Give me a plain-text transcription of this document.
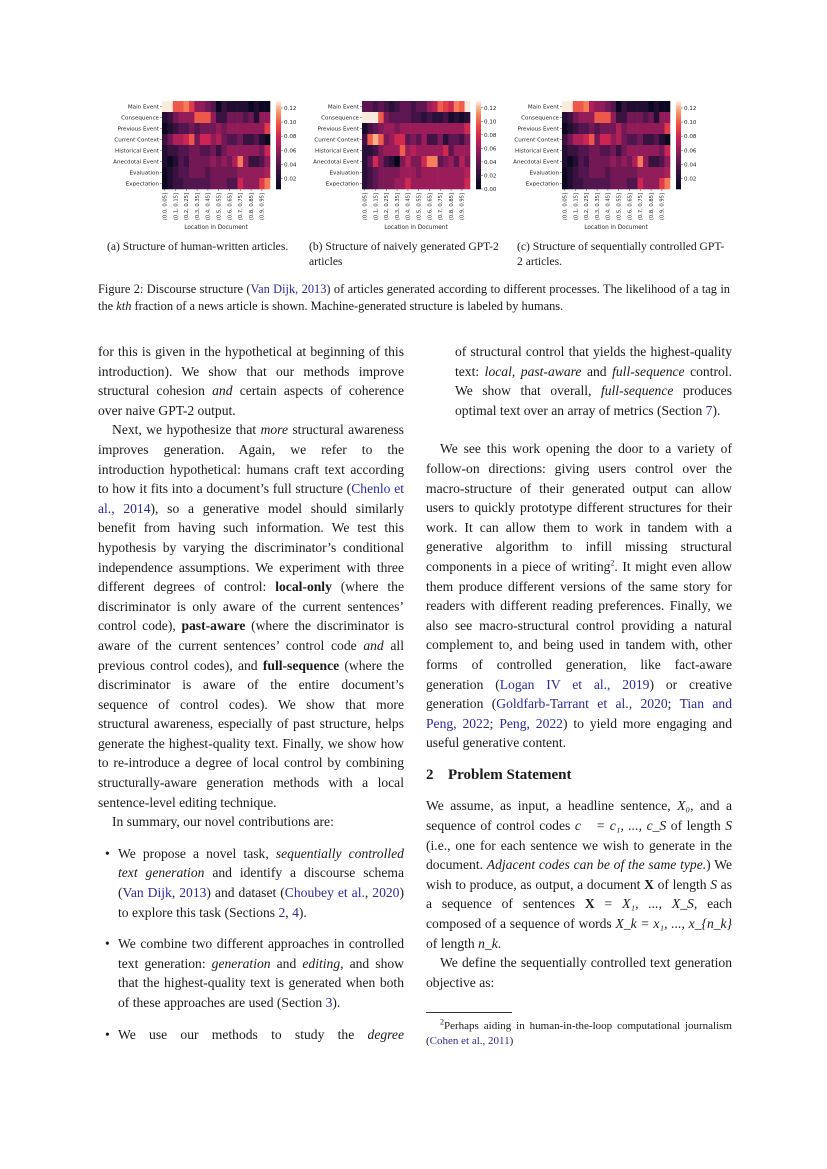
Main Event
Consequence
Previous Event
Current Context
Historical Event
Anecdotal Event
Evaluation
Expectation
(0.0, 0.05] (0.1, 0.15] (0.2, 0.25] (0.3, 0.35] (0.4, 0.45] (0.5, 0.55] (0.6, 0.65] (0.7, 0.75] (0.8, 0.85] (0.9, 0.95]
Location in Document
0.12
0.10
0.08
0.06
0.04
0.02
Main Event
Consequence
Previous Event
Current Context
Historical Event
Anecdotal Event
Evaluation
Expectation
(0.0, 0.05] (0.1, 0.15] (0.2, 0.25] (0.3, 0.35] (0.4, 0.45] (0.5, 0.55] (0.6, 0.65] (0.7, 0.75] (0.8, 0.85] (0.9, 0.95]
Location in Document
0.12
0.10
0.08
0.06
0.04
0.02
0.00
Main Event
Consequence
Previous Event
Current Context
Historical Event
Anecdotal Event
Evaluation
Expectation
(0.0, 0.05] (0.1, 0.15] (0.2, 0.25] (0.3, 0.35] (0.4, 0.45] (0.5, 0.55] (0.6, 0.65] (0.7, 0.75] (0.8, 0.85] (0.9, 0.95]
Location in Document
0.12
0.10
0.08
0.06
0.04
0.02
(a) Structure of human-written articles.	(b) Structure of naively generated GPT-2 articles
(c) Structure of sequentially controlled GPT-2 articles.
Figure 2: Discourse structure (Van Dijk, 2013) of articles generated according to different processes. The likelihood of a tag in the kth fraction of a news article is shown. Machine-generated structure is labeled by humans.

for this is given in the hypothetical at beginning of this introduction). We show that our methods improve structural cohesion and certain aspects of coherence over naive GPT-2 output.

Next, we hypothesize that more structural awareness improves generation. Again, we refer to the introduction hypothetical: humans craft text according to how it fits into a document’s full structure (Chenlo et al., 2014), so a generative model should similarly benefit from having such information. We test this hypothesis by varying the discriminator’s conditional independence assumptions. We experiment with three different degrees of control: local-only (where the discriminator is only aware of the current sentences’ control code), past-aware (where the discriminator is aware of the current sentences’ control code and all previous control codes), and full-sequence (where the discriminator is aware of the entire document’s sequence of control codes). We show that more structural awareness, especially of past structure, helps generate the highest-quality text. Finally, we show how to re-introduce a degree of local control by combining structurally-aware generation methods with a local sentence-level editing technique.

In summary, our novel contributions are:

• We propose a novel task, sequentially controlled text generation and identify a discourse schema (Van Dijk, 2013) and dataset (Choubey et al., 2020) to explore this task (Sections 2, 4).
• We combine two different approaches in controlled text generation: generation and editing, and show that the highest-quality text is generated when both of these approaches are used (Section 3).
• We use our methods to study the degree

of structural control that yields the highest-quality text: local, past-aware and full-sequence control. We show that overall, full-sequence produces optimal text over an array of metrics (Section 7).

We see this work opening the door to a variety of follow-on directions: giving users control over the macro-structure of their generated output can allow users to quickly prototype different structures for their work. It can allow them to work in tandem with a generative algorithm to infill missing structural components in a piece of writing$^2$. It might even allow them produce different versions of the same story for readers with different reading preferences. Finally, we also see macro-structural control providing a natural complement to, and being used in tandem with, other forms of controlled generation, like fact-aware generation (Logan IV et al., 2019) or creative generation (Goldfarb-Tarrant et al., 2020; Tian and Peng, 2022; Peng, 2022) to yield more engaging and useful generative content.

2 Problem Statement

We assume, as input, a headline sentence, X₀, and a sequence of control codes c⃗ = c₁, ..., c_S of length S (i.e., one for each sentence we wish to generate in the document. Adjacent codes can be of the same type.) We wish to produce, as output, a document X of length S as a sequence of sentences X = X₁, ..., X_S, each composed of a sequence of words X_k = x₁, ..., x_{n_k} of length n_k.

We define the sequentially controlled text generation objective as:

$^2$Perhaps aiding in human-in-the-loop computational journalism (Cohen et al., 2011)
